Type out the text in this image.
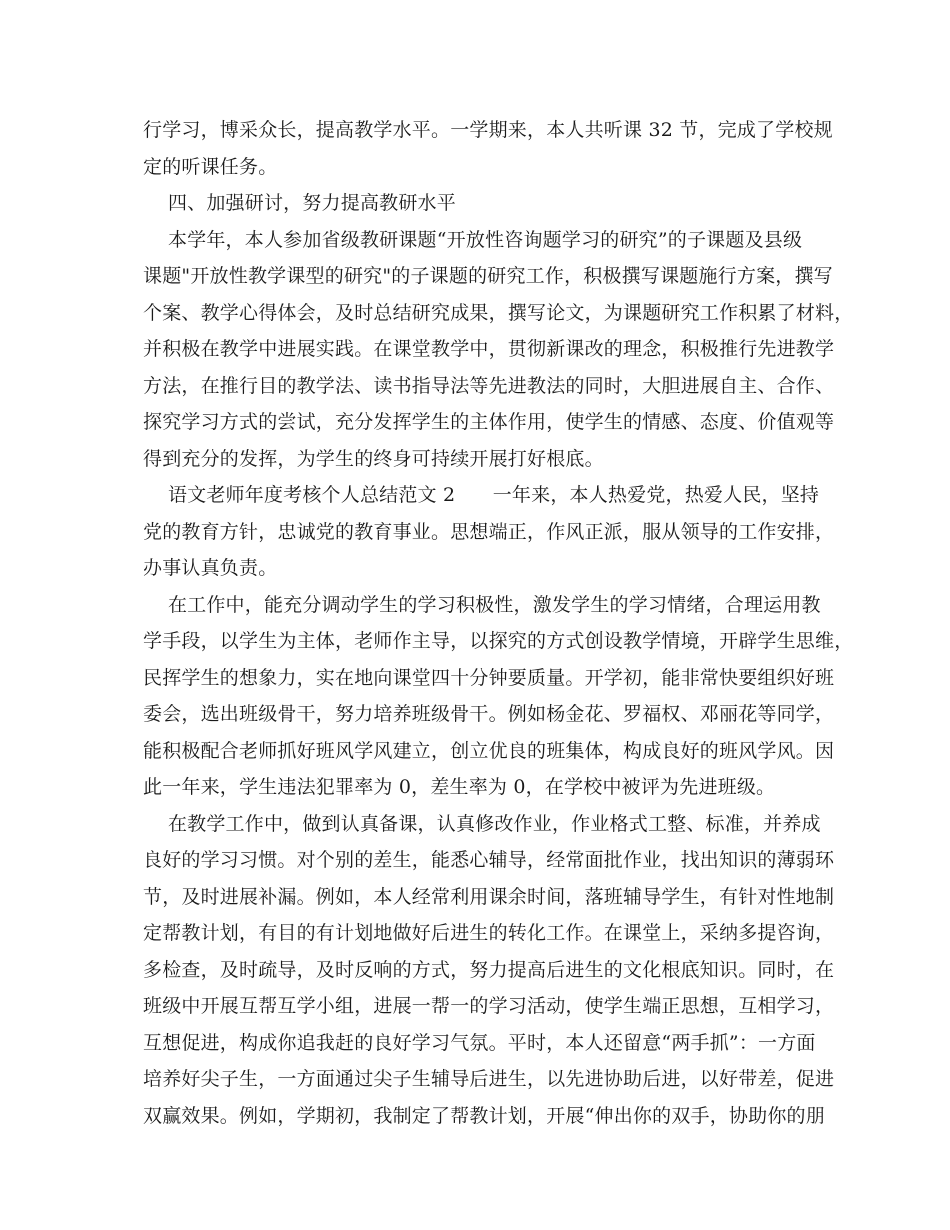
行学习，博采众长，提高教学水平。一学期来，本人共听课 32 节，完成了学校规
定的听课任务。
四、加强研讨，努力提高教研水平
本学年，本人参加省级教研课题“开放性咨询题学习的研究”的子课题及县级
课题"开放性教学课型的研究"的子课题的研究工作，积极撰写课题施行方案，撰写
个案、教学心得体会，及时总结研究成果，撰写论文，为课题研究工作积累了材料，
并积极在教学中进展实践。在课堂教学中，贯彻新课改的理念，积极推行先进教学
方法，在推行目的教学法、读书指导法等先进教法的同时，大胆进展自主、合作、
探究学习方式的尝试，充分发挥学生的主体作用，使学生的情感、态度、价值观等
得到充分的发挥，为学生的终身可持续开展打好根底。
语文老师年度考核个人总结范文 2      一年来，本人热爱党，热爱人民，坚持
党的教育方针，忠诚党的教育事业。思想端正，作风正派，服从领导的工作安排，
办事认真负责。
在工作中，能充分调动学生的学习积极性，激发学生的学习情绪，合理运用教
学手段，以学生为主体，老师作主导，以探究的方式创设教学情境，开辟学生思维，
民挥学生的想象力，实在地向课堂四十分钟要质量。开学初，能非常快要组织好班
委会，选出班级骨干，努力培养班级骨干。例如杨金花、罗福权、邓丽花等同学，
能积极配合老师抓好班风学风建立，创立优良的班集体，构成良好的班风学风。因
此一年来，学生违法犯罪率为 0，差生率为 0，在学校中被评为先进班级。
在教学工作中，做到认真备课，认真修改作业，作业格式工整、标准，并养成
良好的学习习惯。对个别的差生，能悉心辅导，经常面批作业，找出知识的薄弱环
节，及时进展补漏。例如，本人经常利用课余时间，落班辅导学生，有针对性地制
定帮教计划，有目的有计划地做好后进生的转化工作。在课堂上，采纳多提咨询，
多检查，及时疏导，及时反响的方式，努力提高后进生的文化根底知识。同时，在
班级中开展互帮互学小组，进展一帮一的学习活动，使学生端正思想，互相学习，
互想促进，构成你追我赶的良好学习气氛。平时，本人还留意“两手抓”：一方面
培养好尖子生，一方面通过尖子生辅导后进生，以先进协助后进，以好带差，促进
双赢效果。例如，学期初，我制定了帮教计划，开展“伸出你的双手，协助你的朋
